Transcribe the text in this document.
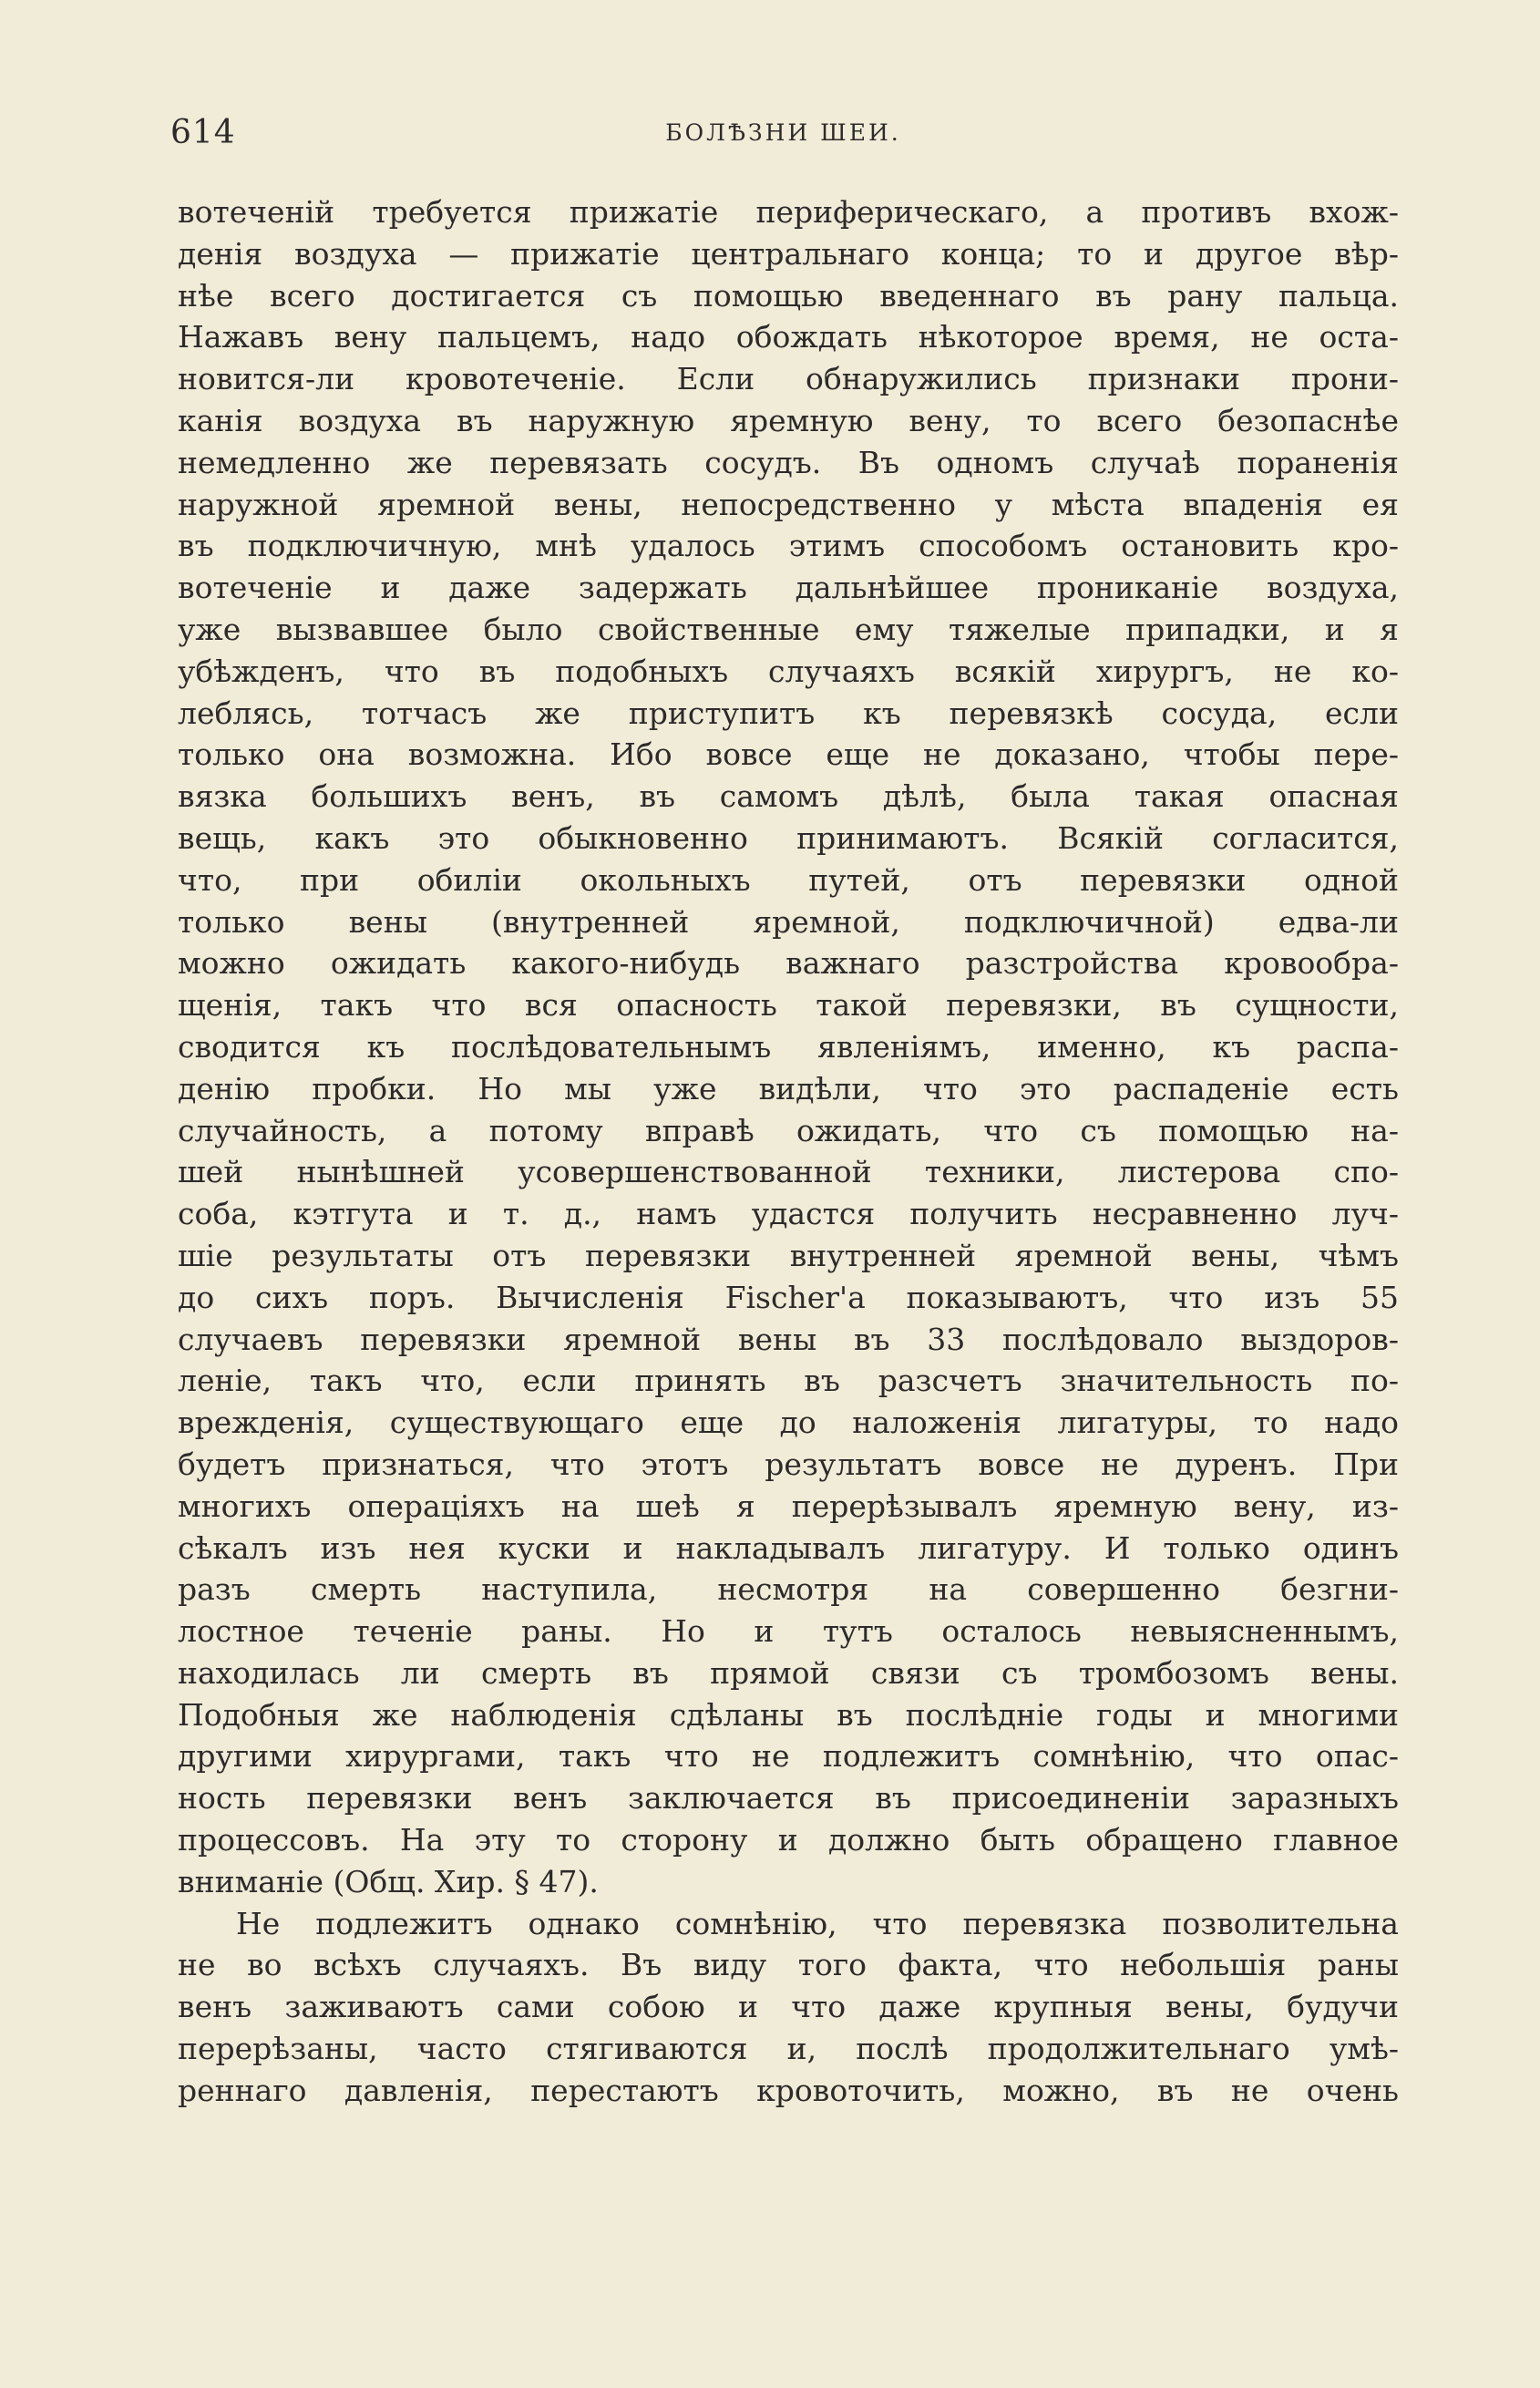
614	БОЛѢЗНИ ШЕИ.
вотеченій требуется прижатіе периферическаго, а противъ вхож-
денія воздуха — прижатіе центральнаго конца; то и другое вѣр-
нѣе всего достигается съ помощью введеннаго въ рану пальца.
Нажавъ вену пальцемъ, надо обождать нѣкоторое время, не оста-
новится-ли кровотеченіе. Если обнаружились признаки прони-
канія воздуха въ наружную яремную вену, то всего безопаснѣе
немедленно же перевязать сосудъ. Въ одномъ случаѣ пораненія
наружной яремной вены, непосредственно у мѣста впаденія ея
въ подключичную, мнѣ удалось этимъ способомъ остановить кро-
вотеченіе и даже задержать дальнѣйшее прониканіе воздуха,
уже вызвавшее было свойственные ему тяжелые припадки, и я
убѣжденъ, что въ подобныхъ случаяхъ всякій хирургъ, не ко-
леблясь, тотчасъ же приступитъ къ перевязкѣ сосуда, если
только она возможна. Ибо вовсе еще не доказано, чтобы пере-
вязка большихъ венъ, въ самомъ дѣлѣ, была такая опасная
вещь, какъ это обыкновенно принимаютъ. Всякій согласится,
что, при обиліи окольныхъ путей, отъ перевязки одной
только вены (внутренней яремной, подключичной) едва-ли
можно ожидать какого-нибудь важнаго разстройства кровообра-
щенія, такъ что вся опасность такой перевязки, въ сущности,
сводится къ послѣдовательнымъ явленіямъ, именно, къ распа-
денію пробки. Но мы уже видѣли, что это распаденіе есть
случайность, а потому вправѣ ожидать, что съ помощью на-
шей нынѣшней усовершенствованной техники, листерова спо-
соба, кэтгута и т. д., намъ удастся получить несравненно луч-
шіе результаты отъ перевязки внутренней яремной вены, чѣмъ
до сихъ поръ. Вычисленія Fischer'а показываютъ, что изъ 55
случаевъ перевязки яремной вены въ 33 послѣдовало выздоров-
леніе, такъ что, если принять въ разсчетъ значительность по-
врежденія, существующаго еще до наложенія лигатуры, то надо
будетъ признаться, что этотъ результатъ вовсе не дуренъ. При
многихъ операціяхъ на шеѣ я перерѣзывалъ яремную вену, из-
сѣкалъ изъ нея куски и накладывалъ лигатуру. И только одинъ
разъ смерть наступила, несмотря на совершенно безгни-
лостное теченіе раны. Но и тутъ осталось невыясненнымъ,
находилась ли смерть въ прямой связи съ тромбозомъ вены.
Подобныя же наблюденія сдѣланы въ послѣдніе годы и многими
другими хирургами, такъ что не подлежитъ сомнѣнію, что опас-
ность перевязки венъ заключается въ присоединеніи заразныхъ
процессовъ. На эту то сторону и должно быть обращено главное
вниманіе (Общ. Хир. § 47).
Не подлежитъ однако сомнѣнію, что перевязка позволительна
не во всѣхъ случаяхъ. Въ виду того факта, что небольшія раны
венъ заживаютъ сами собою и что даже крупныя вены, будучи
перерѣзаны, часто стягиваются и, послѣ продолжительнаго умѣ-
реннаго давленія, перестаютъ кровоточить, можно, въ не очень
